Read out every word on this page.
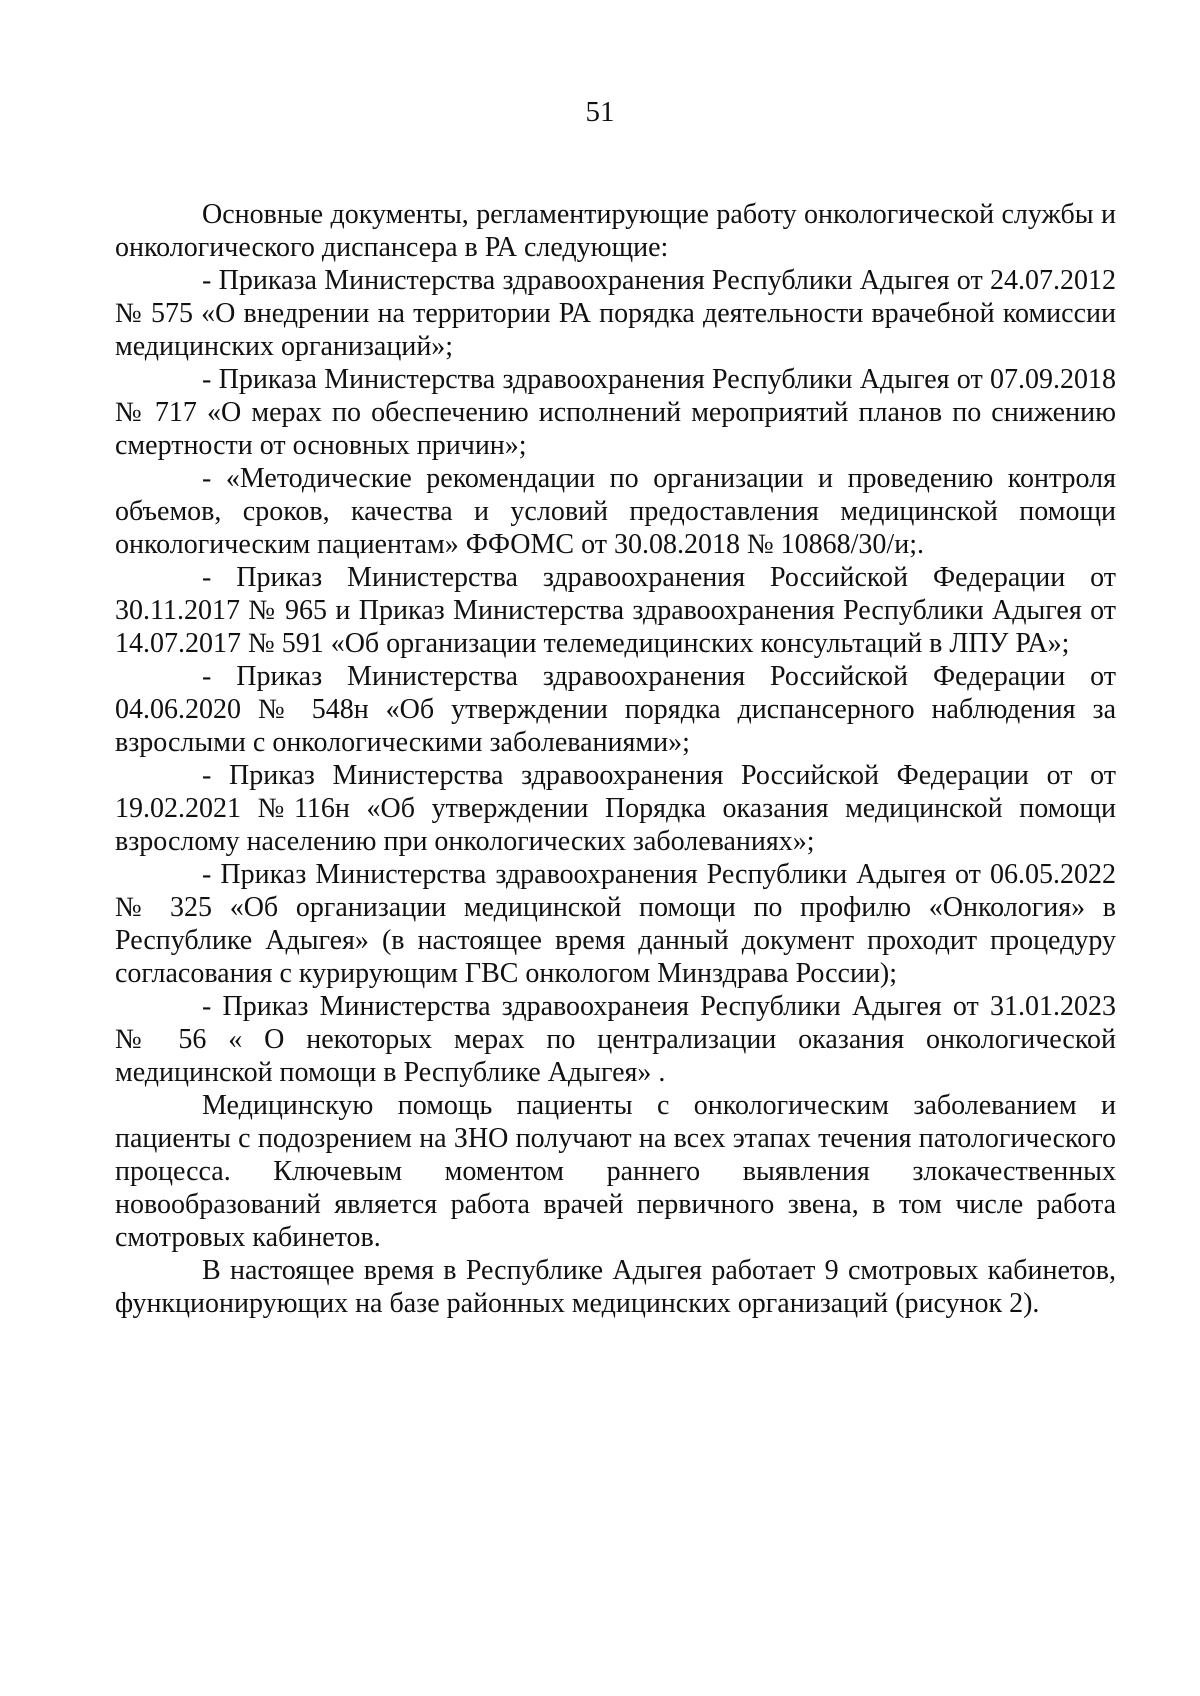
51

Основные документы, регламентирующие работу онкологической службы и онкологического диспансера в РА следующие:

- Приказа Министерства здравоохранения Республики Адыгея от 24.07.2012 № 575 «О внедрении на территории РА порядка деятельности врачебной комиссии медицинских организаций»;

- Приказа Министерства здравоохранения Республики Адыгея от 07.09.2018 № 717 «О мерах по обеспечению исполнений мероприятий планов по снижению смертности от основных причин»;

- «Методические рекомендации по организации и проведению контроля объемов, сроков, качества и условий предоставления медицинской помощи онкологическим пациентам» ФФОМС от 30.08.2018 № 10868/30/и;.

- Приказ Министерства здравоохранения Российской Федерации от 30.11.2017 № 965 и Приказ Министерства здравоохранения Республики Адыгея от 14.07.2017 № 591 «Об организации телемедицинских консультаций в ЛПУ РА»;

- Приказ Министерства здравоохранения Российской Федерации от 04.06.2020 № 548н «Об утверждении порядка диспансерного наблюдения за взрослыми с онкологическими заболеваниями»;

- Приказ Министерства здравоохранения Российской Федерации от от 19.02.2021 №116н «Об утверждении Порядка оказания медицинской помощи взрослому населению при онкологических заболеваниях»;

- Приказ Министерства здравоохранения Республики Адыгея от 06.05.2022 № 325 «Об организации медицинской помощи по профилю «Онкология» в Республике Адыгея» (в настоящее время данный документ проходит процедуру согласования с курирующим ГВС онкологом Минздрава России);

- Приказ Министерства здравоохранеия Республики Адыгея от 31.01.2023 № 56 « О некоторых мерах по централизации оказания онкологической медицинской помощи в Республике Адыгея» .

Медицинскую помощь пациенты с онкологическим заболеванием и пациенты с подозрением на ЗНО получают на всех этапах течения патологического процесса. Ключевым моментом раннего выявления злокачественных новообразований является работа врачей первичного звена, в том числе работа смотровых кабинетов.

В настоящее время в Республике Адыгея работает 9 смотровых кабинетов, функционирующих на базе районных медицинских организаций (рисунок 2).
